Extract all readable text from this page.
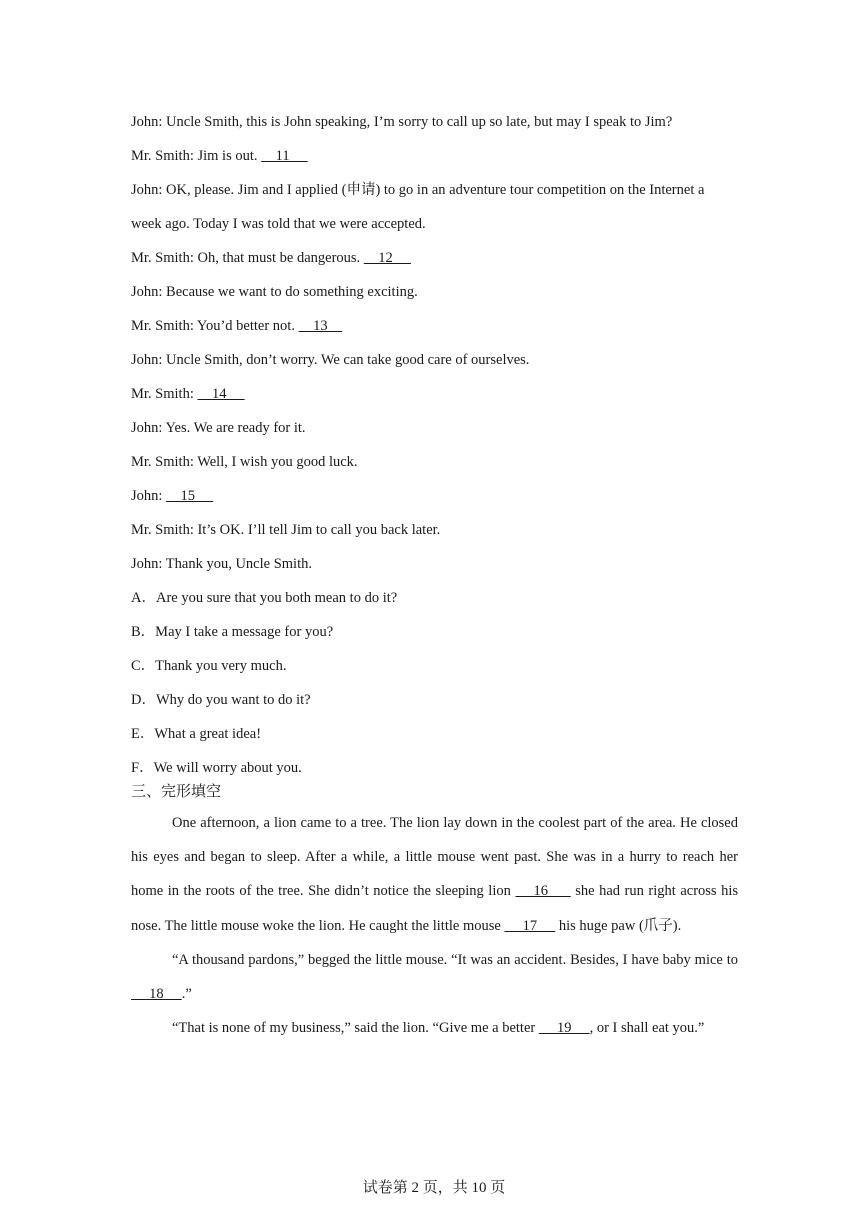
John: Uncle Smith, this is John speaking, I’m sorry to call up so late, but may I speak to Jim?
Mr. Smith: Jim is out.     11
John: OK, please. Jim and I applied (申请) to go in an adventure tour competition on the Internet a
week ago. Today I was told that we were accepted.
Mr. Smith: Oh, that must be dangerous.     12
John: Because we want to do something exciting.
Mr. Smith: You’d better not.     13
John: Uncle Smith, don’t worry. We can take good care of ourselves.
Mr. Smith:     14
John: Yes. We are ready for it.
Mr. Smith: Well, I wish you good luck.
John:     15
Mr. Smith: It’s OK. I’ll tell Jim to call you back later.
John: Thank you, Uncle Smith.
A．Are you sure that you both mean to do it?
B．May I take a message for you?
C．Thank you very much.
D．Why do you want to do it?
E．What a great idea!
F．We will worry about you.
三、完形填空

One afternoon, a lion came to a tree. The lion lay down in the coolest part of the area. He closed his eyes and began to sleep. After a while, a little mouse went past. She was in a hurry to reach her home in the roots of the tree. She didn’t notice the sleeping lion     16      she had run right across his nose. The little mouse woke the lion. He caught the little mouse      17      his huge paw (爪子).

“A thousand pardons,” begged the little mouse. “It was an accident. Besides, I have baby mice to      18     .”

“That is none of my business,” said the lion. “Give me a better      19     , or I shall eat you.”

试卷第 2 页，共 10 页
